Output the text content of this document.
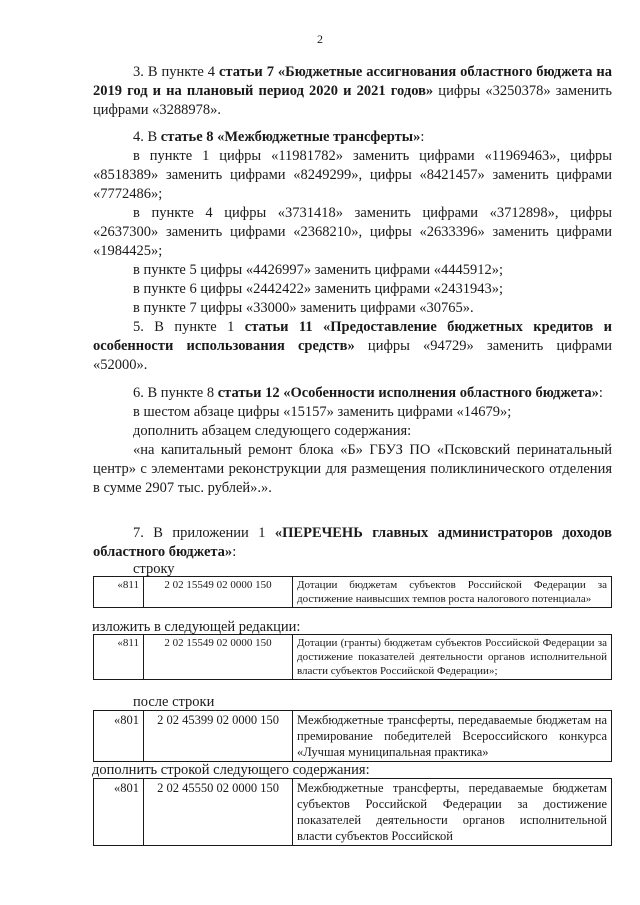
2
3. В пункте 4 статьи 7 «Бюджетные ассигнования областного бюджета на 2019 год и на плановый период 2020 и 2021 годов» цифры «3250378» заменить цифрами «3288978».
4. В статье 8 «Межбюджетные трансферты»:
в пункте 1 цифры «11981782» заменить цифрами «11969463», цифры «8518389» заменить цифрами «8249299», цифры «8421457» заменить цифрами «7772486»;
в пункте 4 цифры «3731418» заменить цифрами «3712898», цифры «2637300» заменить цифрами «2368210», цифры «2633396» заменить цифрами «1984425»;
в пункте 5 цифры «4426997» заменить цифрами «4445912»;
в пункте 6 цифры «2442422» заменить цифрами «2431943»;
в пункте 7 цифры «33000» заменить цифрами «30765».
5. В пункте 1 статьи 11 «Предоставление бюджетных кредитов и особенности использования средств» цифры «94729» заменить цифрами «52000».
6. В пункте 8 статьи 12 «Особенности исполнения областного бюджета»:
в шестом абзаце цифры «15157» заменить цифрами «14679»;
дополнить абзацем следующего содержания:
«на капитальный ремонт блока «Б» ГБУЗ ПО «Псковский перинатальный центр» с элементами реконструкции для размещения поликлинического отделения в сумме 2907 тыс. рублей».».
7. В приложении 1 «ПЕРЕЧЕНЬ главных администраторов доходов областного бюджета»:
строку
«811	2 02 15549 02 0000 150	Дотации бюджетам субъектов Российской Федерации за достижение наивысших темпов роста налогового потенциала»
изложить в следующей редакции:
«811	2 02 15549 02 0000 150	Дотации (гранты) бюджетам субъектов Российской Федерации за достижение показателей деятельности органов исполнительной власти субъектов Российской Федерации»;
после строки
«801	2 02 45399 02 0000 150	Межбюджетные трансферты, передаваемые бюджетам на премирование победителей Всероссийского конкурса «Лучшая муниципальная практика»
дополнить строкой следующего содержания:
«801	2 02 45550 02 0000 150	Межбюджетные трансферты, передаваемые бюджетам субъектов Российской Федерации за достижение показателей деятельности органов исполнительной власти субъектов Российской
